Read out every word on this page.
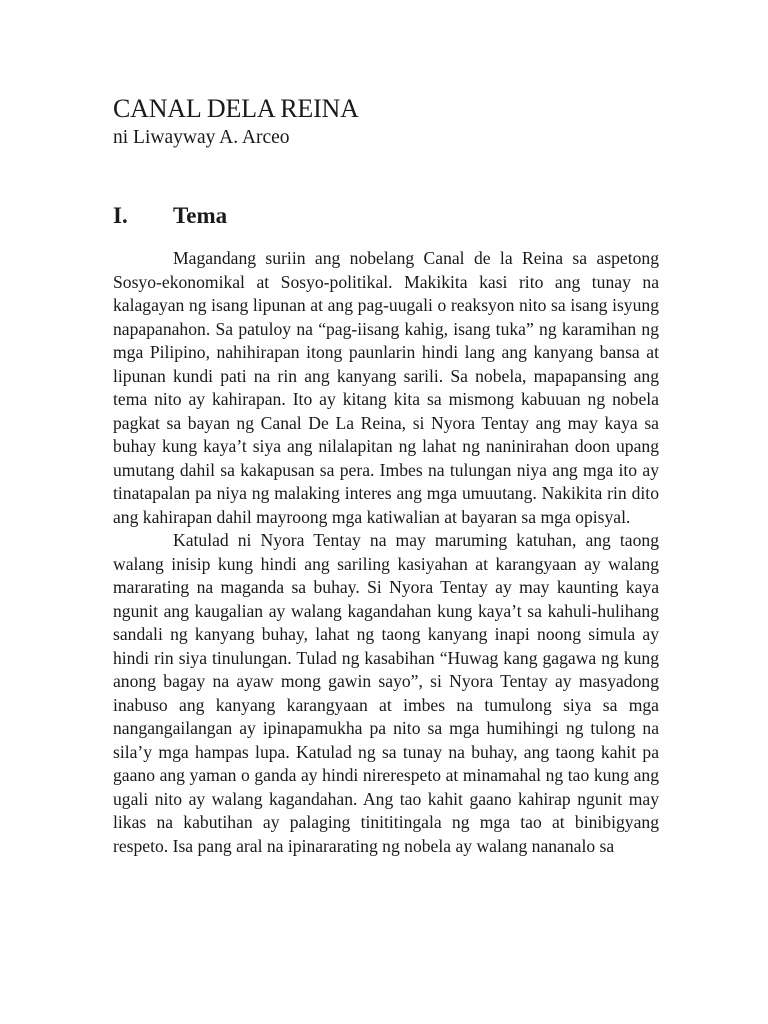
CANAL DELA REINA

ni Liwayway A. Arceo

I.	Tema

Magandang suriin ang nobelang Canal de la Reina sa aspetong Sosyo-ekonomikal at Sosyo-politikal. Makikita kasi rito ang tunay na kalagayan ng isang lipunan at ang pag-uugali o reaksyon nito sa isang isyung napapanahon. Sa patuloy na “pag-iisang kahig, isang tuka” ng karamihan ng mga Pilipino, nahihirapan itong paunlarin hindi lang ang kanyang bansa at lipunan kundi pati na rin ang kanyang sarili. Sa nobela, mapapansing ang tema nito ay kahirapan. Ito ay kitang kita sa mismong kabuuan ng nobela pagkat sa bayan ng Canal De La Reina, si Nyora Tentay ang may kaya sa buhay kung kaya’t siya ang nilalapitan ng lahat ng naninirahan doon upang umutang dahil sa kakapusan sa pera. Imbes na tulungan niya ang mga ito ay tinatapalan pa niya ng malaking interes ang mga umuutang. Nakikita rin dito ang kahirapan dahil mayroong mga katiwalian at bayaran sa mga opisyal.

Katulad ni Nyora Tentay na may maruming katuhan, ang taong walang inisip kung hindi ang sariling kasiyahan at karangyaan ay walang mararating na maganda sa buhay. Si Nyora Tentay ay may kaunting kaya ngunit ang kaugalian ay walang kagandahan kung kaya’t sa kahuli-hulihang sandali ng kanyang buhay, lahat ng taong kanyang inapi noong simula ay hindi rin siya tinulungan. Tulad ng kasabihan “Huwag kang gagawa ng kung anong bagay na ayaw mong gawin sayo”, si Nyora Tentay ay masyadong inabuso ang kanyang karangyaan at imbes na tumulong siya sa mga nangangailangan ay ipinapamukha pa nito sa mga humihingi ng tulong na sila’y mga hampas lupa. Katulad ng sa tunay na buhay, ang taong kahit pa gaano ang yaman o ganda ay hindi nirerespeto at minamahal ng tao kung ang ugali nito ay walang kagandahan. Ang tao kahit gaano kahirap ngunit may likas na kabutihan ay palaging tinititingala ng mga tao at binibigyang respeto. Isa pang aral na ipinararating ng nobela ay walang nananalo sa
